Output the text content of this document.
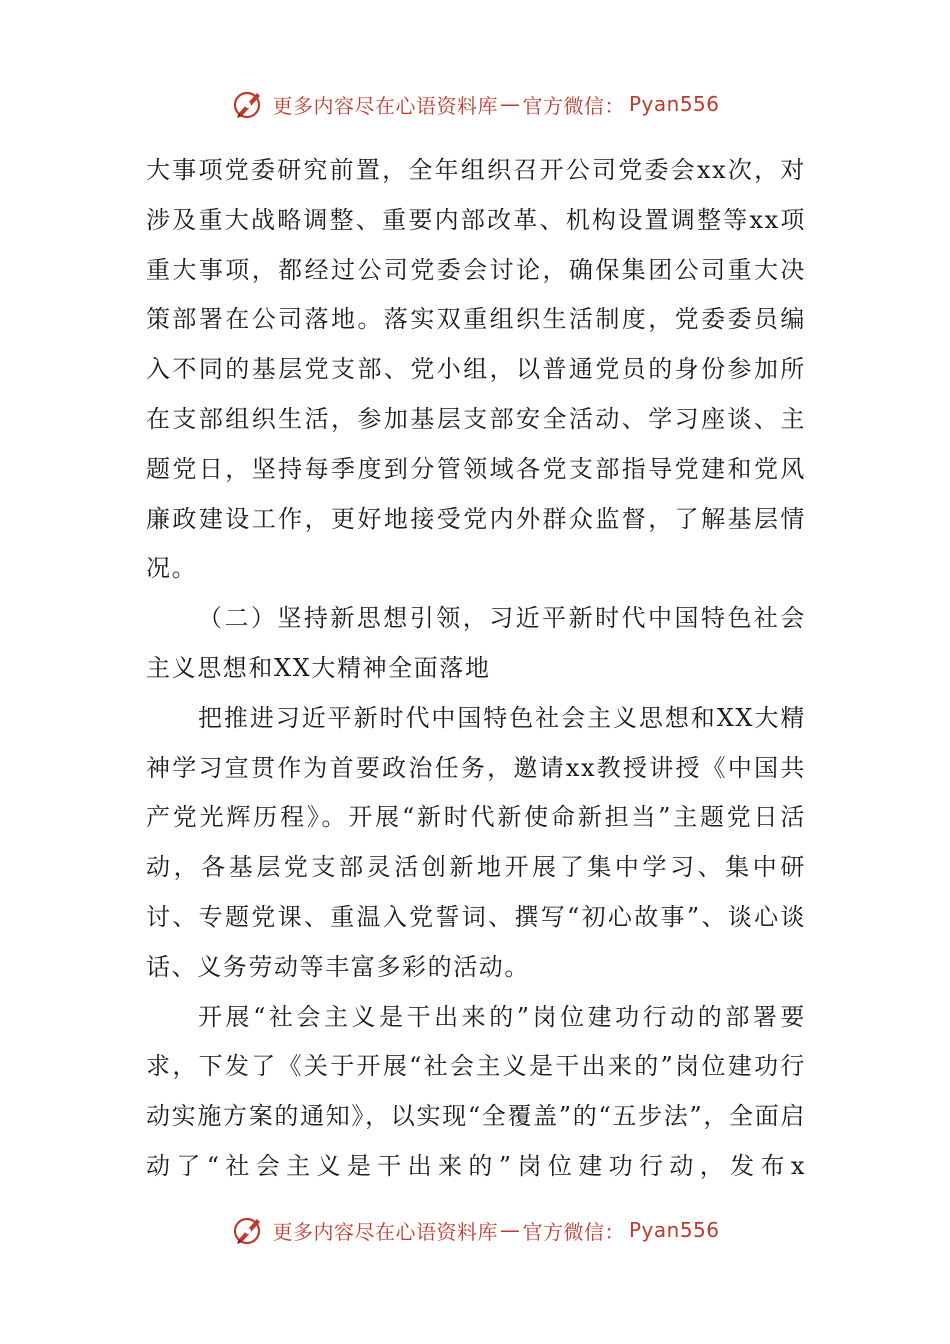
更多内容尽在心语资料库 — 官方微信： Pyan556

大事项党委研究前置，全年组织召开公司党委会xx次，对涉及重大战略调整、重要内部改革、机构设置调整等xx项重大事项，都经过公司党委会讨论，确保集团公司重大决策部署在公司落地。落实双重组织生活制度，党委委员编入不同的基层党支部、党小组，以普通党员的身份参加所在支部组织生活，参加基层支部安全活动、学习座谈、主题党日，坚持每季度到分管领域各党支部指导党建和党风廉政建设工作，更好地接受党内外群众监督，了解基层情况。

（二）坚持新思想引领，习近平新时代中国特色社会主义思想和XX大精神全面落地

把推进习近平新时代中国特色社会主义思想和XX大精神学习宣贯作为首要政治任务，邀请xx教授讲授《中国共产党光辉历程》。开展“新时代新使命新担当”主题党日活动，各基层党支部灵活创新地开展了集中学习、集中研讨、专题党课、重温入党誓词、撰写“初心故事”、谈心谈话、义务劳动等丰富多彩的活动。

开展“社会主义是干出来的”岗位建功行动的部署要求，下发了《关于开展“社会主义是干出来的”岗位建功行动实施方案的通知》，以实现“全覆盖”的“五步法”，全面启动了“社会主义是干出来的”岗位建功行动，发布x

更多内容尽在心语资料库 — 官方微信： Pyan556
